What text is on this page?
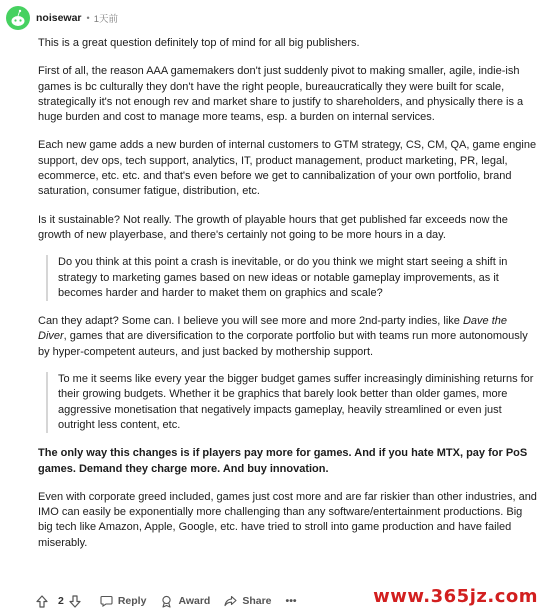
noisewar • 1天前

This is a great question definitely top of mind for all big publishers.

First of all, the reason AAA gamemakers don't just suddenly pivot to making smaller, agile, indie-ish games is bc culturally they don't have the right people, bureaucratically they were built for scale, strategically it's not enough rev and market share to justify to shareholders, and physically there is a huge burden and cost to manage more teams, esp. a burden on internal services.

Each new game adds a new burden of internal customers to GTM strategy, CS, CM, QA, game engine support, dev ops, tech support, analytics, IT, product management, product marketing, PR, legal, ecommerce, etc. etc. and that's even before we get to cannibalization of your own portfolio, brand saturation, consumer fatigue, distribution, etc.

Is it sustainable? Not really. The growth of playable hours that get published far exceeds now the growth of new playerbase, and there's certainly not going to be more hours in a day.

Do you think at this point a crash is inevitable, or do you think we might start seeing a shift in strategy to marketing games based on new ideas or notable gameplay improvements, as it becomes harder and harder to maket them on graphics and scale?

Can they adapt? Some can. I believe you will see more and more 2nd-party indies, like Dave the Diver, games that are diversification to the corporate portfolio but with teams run more autonomously by hyper-competent auteurs, and just backed by mothership support.

To me it seems like every year the bigger budget games suffer increasingly diminishing returns for their growing budgets. Whether it be graphics that barely look better than older games, more aggressive monetisation that negatively impacts gameplay, heavily streamlined or even just outright less content, etc.

The only way this changes is if players pay more for games. And if you hate MTX, pay for PoS games. Demand they charge more. And buy innovation.

Even with corporate greed included, games just cost more and are far riskier than other industries, and IMO can easily be exponentially more challenging than any software/entertainment productions. Big big tech like Amazon, Apple, Google, etc. have tried to stroll into game production and have failed miserably.

2	Reply	Award	Share •••	www.365jz.com
